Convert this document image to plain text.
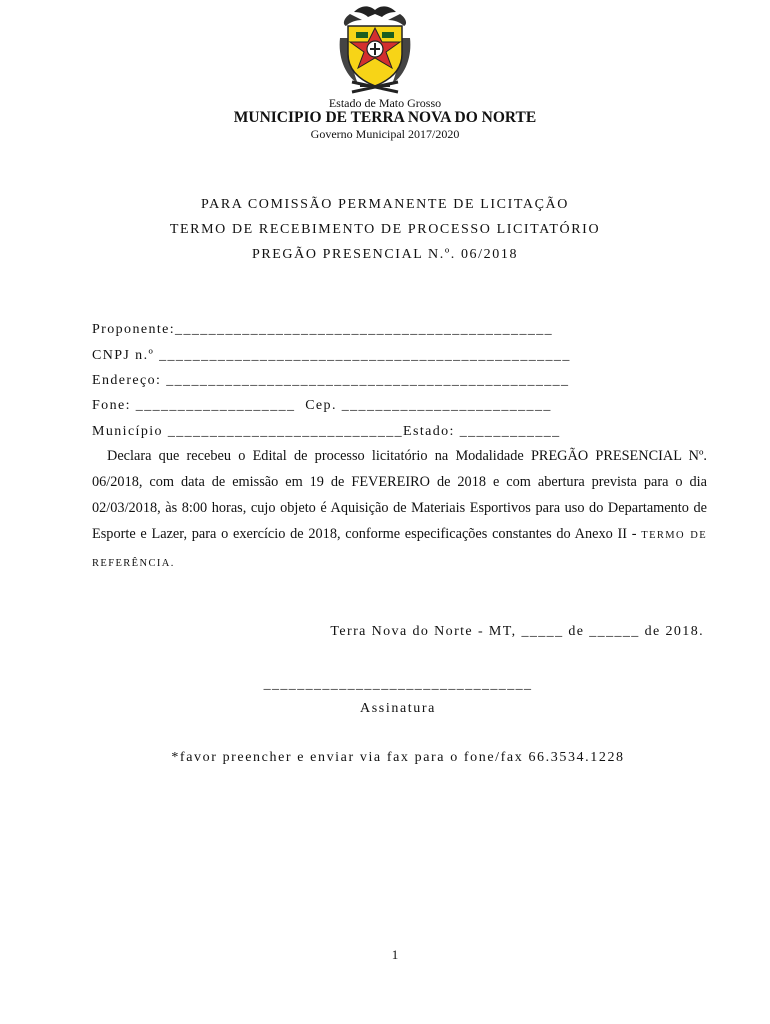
Estado de Mato Grosso
MUNICIPIO DE TERRA NOVA DO NORTE
Governo Municipal 2017/2020
PARA COMISSÃO PERMANENTE DE LICITAÇÃO
TERMO DE RECEBIMENTO DE PROCESSO LICITATÓRIO
PREGÃO PRESENCIAL N.º. 06/2018
Proponente:_____________________________________________
CNPJ n.º _________________________________________________
Endereço: ________________________________________________
Fone: ___________________  Cep. _________________________
Município ____________________________Estado: ____________

Declara que recebeu o Edital de processo licitatório na Modalidade PREGÃO PRESENCIAL Nº. 06/2018, com data de emissão em 19 de FEVEREIRO de 2018 e com abertura prevista para o dia 02/03/2018, às 8:00 horas, cujo objeto é Aquisição de Materiais Esportivos para uso do Departamento de Esporte e Lazer, para o exercício de 2018, conforme especificações constantes do Anexo II - TERMO DE REFERÊNCIA.

Terra Nova do Norte - MT, _____ de ______ de 2018.
________________________________
Assinatura
*favor preencher e enviar via fax para o fone/fax 66.3534.1228
1
